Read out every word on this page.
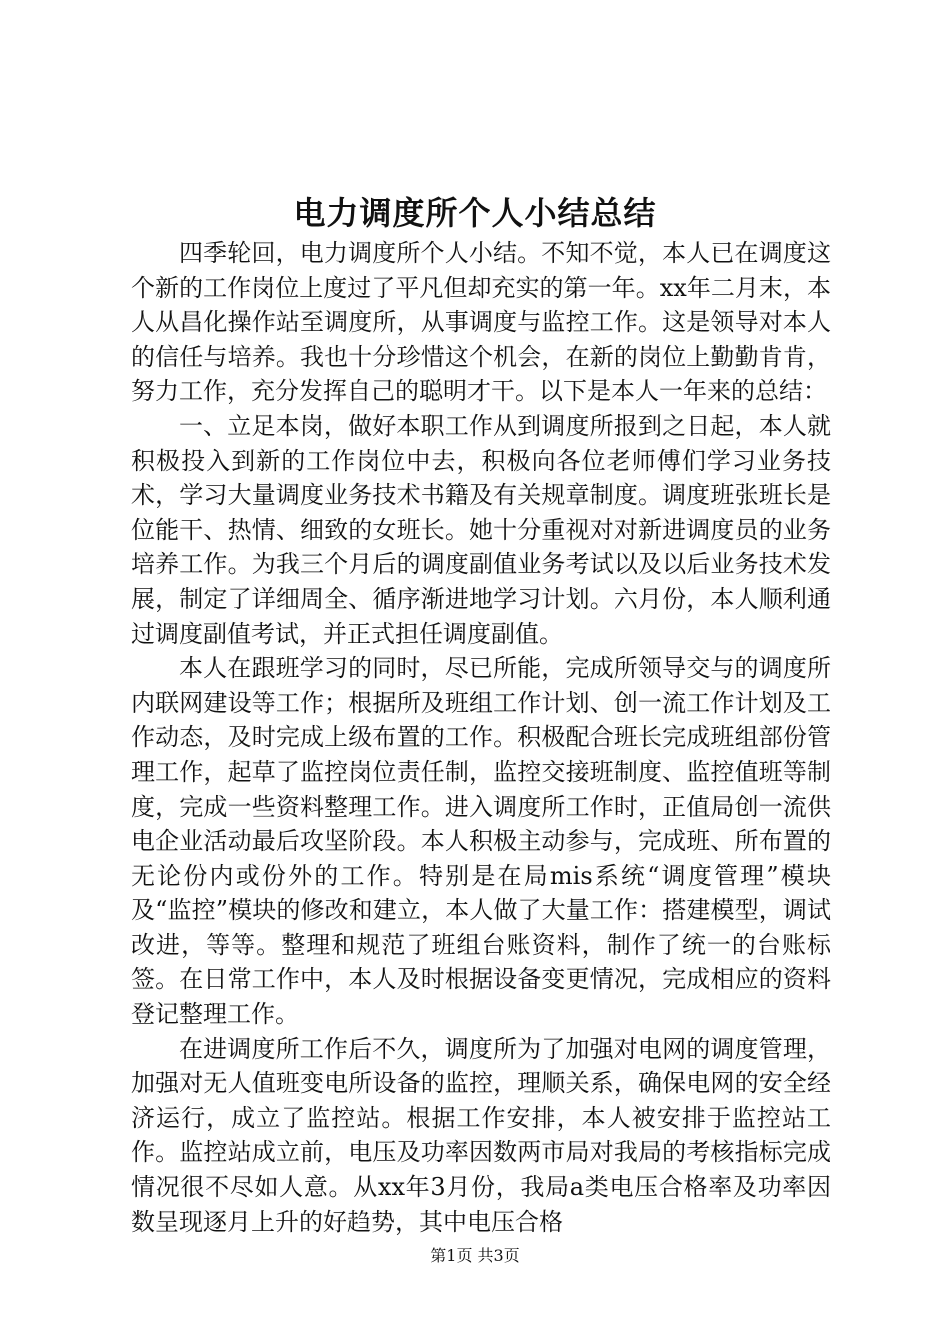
电力调度所个人小结总结

四季轮回，电力调度所个人小结。不知不觉，本人已在调度这个新的工作岗位上度过了平凡但却充实的第一年。xx年二月末，本人从昌化操作站至调度所，从事调度与监控工作。这是领导对本人的信任与培养。我也十分珍惜这个机会，在新的岗位上勤勤肯肯，努力工作，充分发挥自己的聪明才干。以下是本人一年来的总结：

一、立足本岗，做好本职工作从到调度所报到之日起，本人就积极投入到新的工作岗位中去，积极向各位老师傅们学习业务技术，学习大量调度业务技术书籍及有关规章制度。调度班张班长是位能干、热情、细致的女班长。她十分重视对对新进调度员的业务培养工作。为我三个月后的调度副值业务考试以及以后业务技术发展，制定了详细周全、循序渐进地学习计划。六月份，本人顺利通过调度副值考试，并正式担任调度副值。

本人在跟班学习的同时，尽已所能，完成所领导交与的调度所内联网建设等工作；根据所及班组工作计划、创一流工作计划及工作动态，及时完成上级布置的工作。积极配合班长完成班组部份管理工作，起草了监控岗位责任制，监控交接班制度、监控值班等制度，完成一些资料整理工作。进入调度所工作时，正值局创一流供电企业活动最后攻坚阶段。本人积极主动参与，完成班、所布置的无论份内或份外的工作。特别是在局mis系统“调度管理”模块及“监控”模块的修改和建立，本人做了大量工作：搭建模型，调试改进，等等。整理和规范了班组台账资料，制作了统一的台账标签。在日常工作中，本人及时根据设备变更情况，完成相应的资料登记整理工作。

在进调度所工作后不久，调度所为了加强对电网的调度管理，加强对无人值班变电所设备的监控，理顺关系，确保电网的安全经济运行，成立了监控站。根据工作安排，本人被安排于监控站工作。监控站成立前，电压及功率因数两市局对我局的考核指标完成情况很不尽如人意。从xx年3月份，我局a类电压合格率及功率因数呈现逐月上升的好趋势，其中电压合格

第1页 共3页
